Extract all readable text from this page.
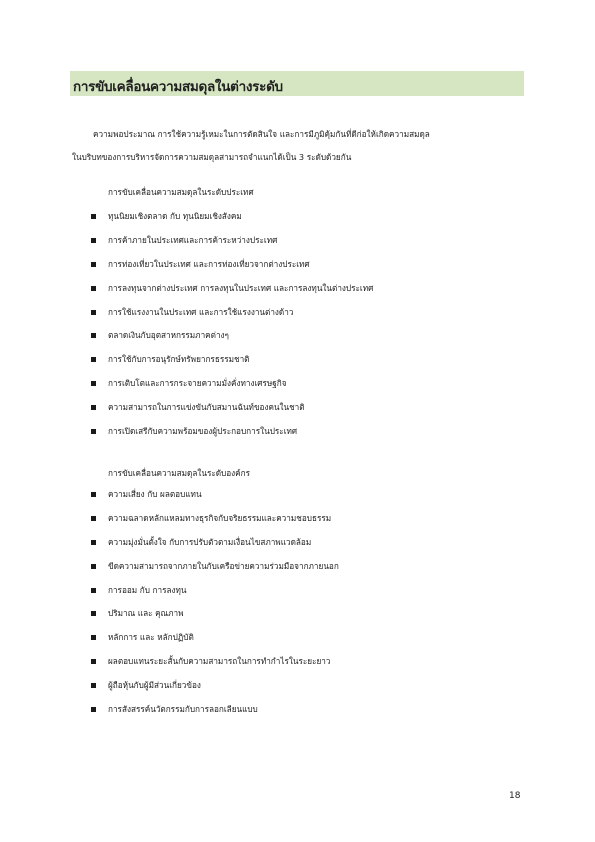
การขับเคลื่อนความสมดุลในต่างระดับ
ความพอประมาณ การใช้ความรู้เหมะในการตัดสินใจ และการมีภูมิคุ้มกันที่ดีก่อให้เกิดความสมดุล
ในบริบทของการบริหารจัดการความสมดุลสามารถจำแนกได้เป็น 3 ระดับด้วยกัน
การขับเคลื่อนความสมดุลในระดับประเทศ
ทุนนิยมเชิงตลาด กับ ทุนนิยมเชิงสังคม
การค้าภายในประเทศและการค้าระหว่างประเทศ
การท่องเที่ยวในประเทศ และการท่องเที่ยวจากต่างประเทศ
การลงทุนจากต่างประเทศ การลงทุนในประเทศ และการลงทุนในต่างประเทศ
การใช้แรงงานในประเทศ และการใช้แรงงานต่างด้าว
ตลาดเงินกับอุตสาหกรรมภาคต่างๆ
การใช้กับการอนุรักษ์ทรัพยากรธรรมชาติ
การเติบโตและการกระจายความมั่งคั่งทางเศรษฐกิจ
ความสามารถในการแข่งขันกับสมานฉันท์ของคนในชาติ
การเปิดเสรีกับความพร้อมของผู้ประกอบการในประเทศ
การขับเคลื่อนความสมดุลในระดับองค์กร
ความเสี่ยง กับ ผลตอบแทน
ความฉลาดหลักแหลมทางธุรกิจกับจริยธรรมและความชอบธรรม
ความมุ่งมั่นตั้งใจ กับการปรับตัวตามเงื่อนไขสภาพแวดล้อม
ขีดความสามารถจากภายในกับเครือข่ายความร่วมมือจากภายนอก
การออม กับ การลงทุน
ปริมาณ และ คุณภาพ
หลักการ และ หลักปฏิบัติ
ผลตอบแทนระยะสั้นกับความสามารถในการทำกำไรในระยะยาว
ผู้ถือหุ้นกับผู้มีส่วนเกี่ยวข้อง
การสังสรรค์นวัตกรรมกับการลอกเลียนแบบ
18
